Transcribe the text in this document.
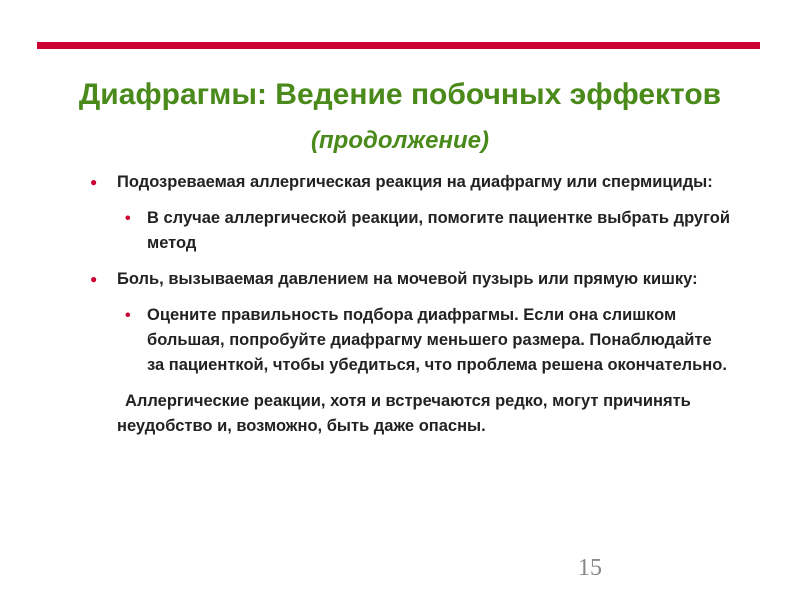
Диафрагмы: Ведение побочных эффектов (продолжение)
● Подозреваемая аллергическая реакция на диафрагму или спермициды:
• В случае аллергической реакции, помогите пациентке выбрать другой метод
● Боль, вызываемая давлением на мочевой пузырь или прямую кишку:
• Оцените правильность подбора диафрагмы. Если она слишком большая, попробуйте диафрагму меньшего размера. Понаблюдайте за пациенткой, чтобы убедиться, что проблема решена окончательно.

Аллергические реакции, хотя и встречаются редко, могут причинять неудобство и, возможно, быть даже опасны.

15
